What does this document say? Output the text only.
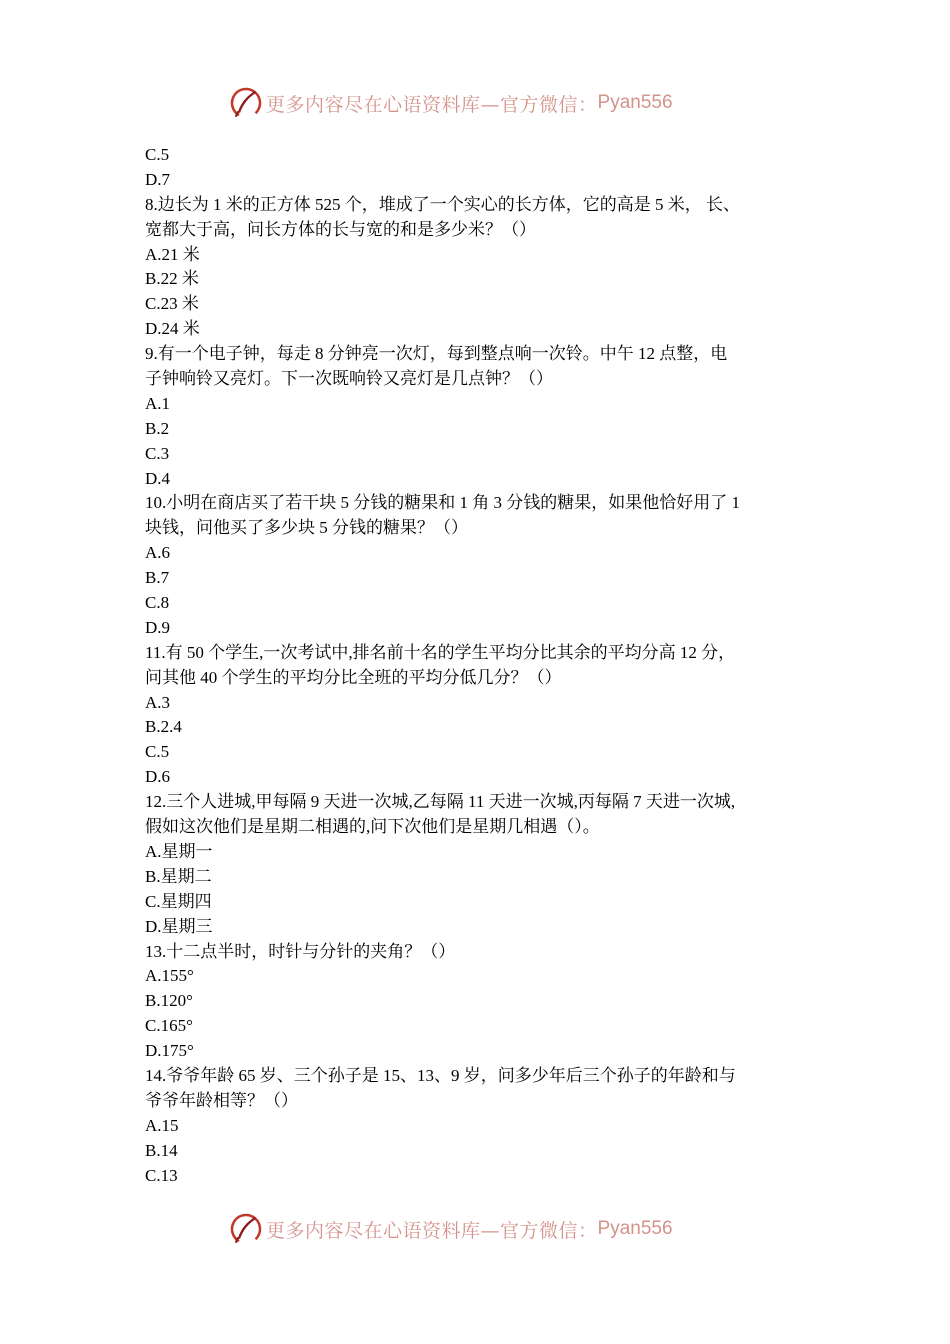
更多内容尽在心语资料库—官方微信： Pyan556
C.5
D.7
8.边长为 1 米的正方体 525 个，堆成了一个实心的长方体，它的高是 5 米， 长、
宽都大于高，问长方体的长与宽的和是多少米？（）
A.21 米
B.22 米
C.23 米
D.24 米
9.有一个电子钟，每走 8 分钟亮一次灯，每到整点响一次铃。中午 12 点整，电
子钟响铃又亮灯。下一次既响铃又亮灯是几点钟？（）
A.1
B.2
C.3
D.4
10.小明在商店买了若干块 5 分钱的糖果和 1 角 3 分钱的糖果，如果他恰好用了 1
块钱，问他买了多少块 5 分钱的糖果？（）
A.6
B.7
C.8
D.9
11.有 50 个学生,一次考试中,排名前十名的学生平均分比其余的平均分高 12 分，
问其他 40 个学生的平均分比全班的平均分低几分？（）
A.3
B.2.4
C.5
D.6
12.三个人进城,甲每隔 9 天进一次城,乙每隔 11 天进一次城,丙每隔 7 天进一次城,
假如这次他们是星期二相遇的,问下次他们是星期几相遇（）。
A.星期一
B.星期二
C.星期四
D.星期三
13.十二点半时，时针与分针的夹角？（）
A.155°
B.120°
C.165°
D.175°
14.爷爷年龄 65 岁、三个孙子是 15、13、9 岁，问多少年后三个孙子的年龄和与
爷爷年龄相等？（）
A.15
B.14
C.13
更多内容尽在心语资料库—官方微信： Pyan556
